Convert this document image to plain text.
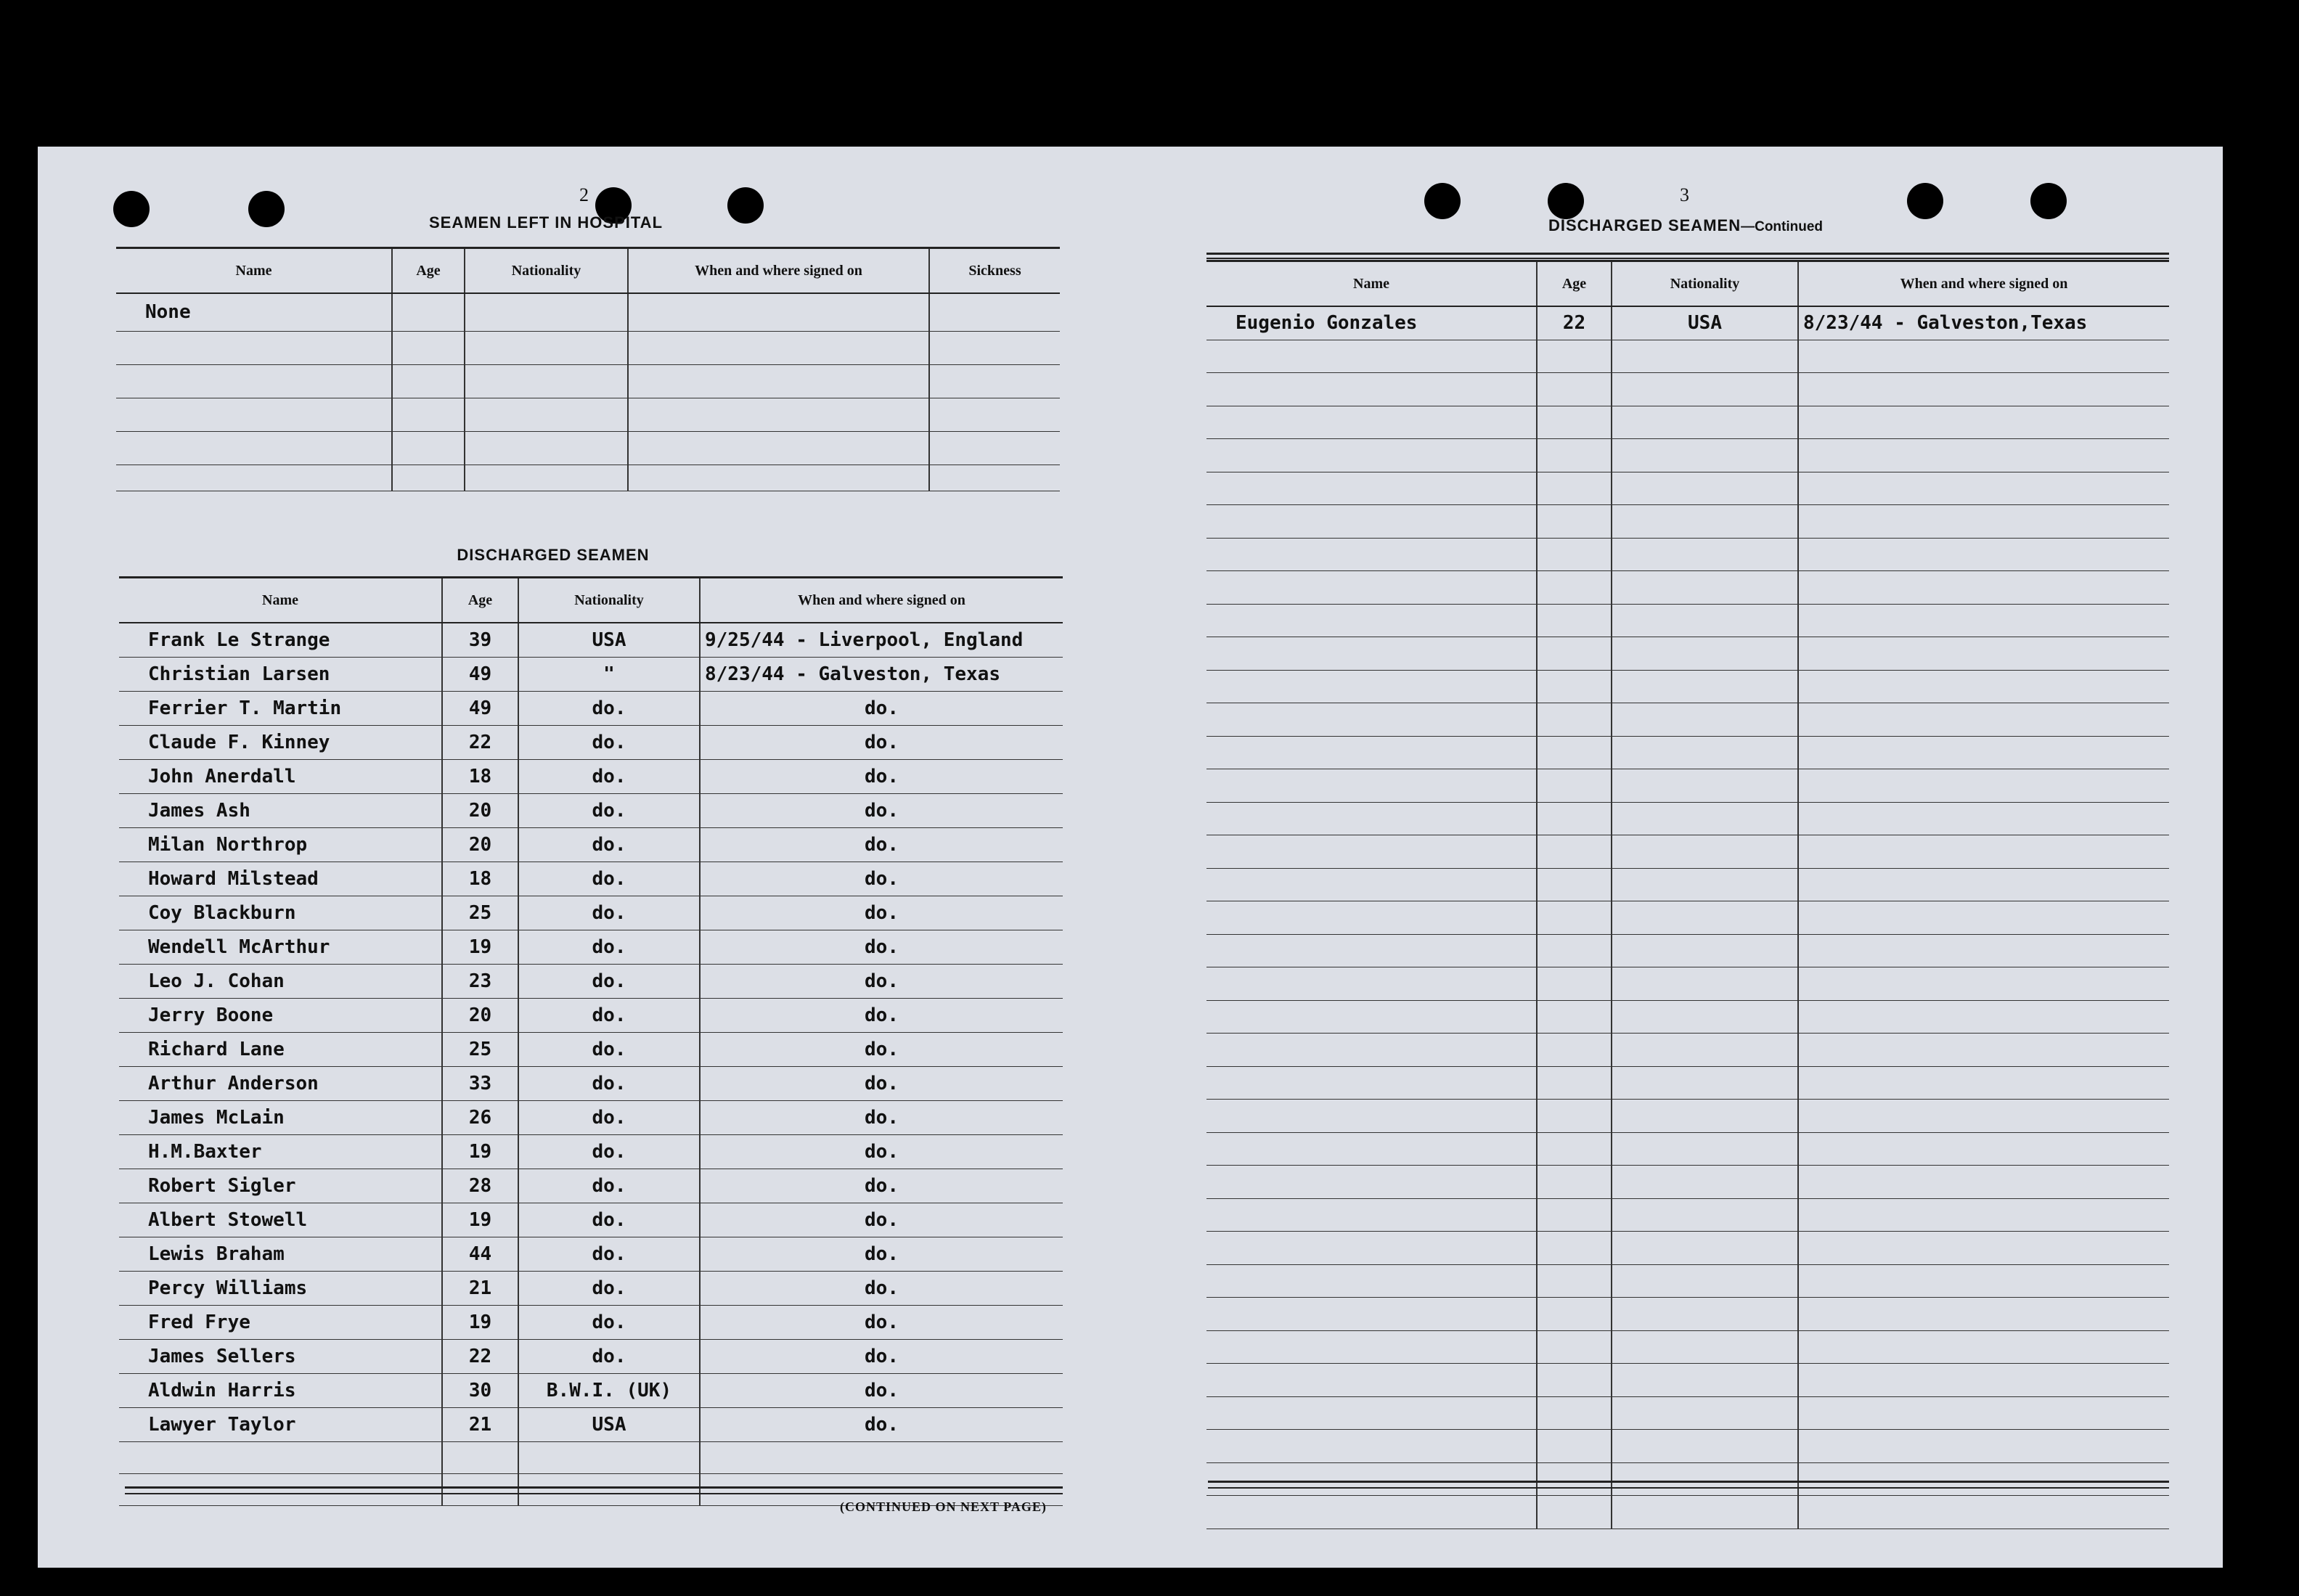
2
SEAMEN LEFT IN HOSPITAL
Name	Age	Nationality	When and where signed on	Sickness
None				

DISCHARGED SEAMEN
Name	Age	Nationality	When and where signed on
Frank Le Strange	39	USA	9/25/44 - Liverpool, England
Christian Larsen	49	"	8/23/44 - Galveston, Texas
Ferrier T. Martin	49	do.	do.
Claude F. Kinney	22	do.	do.
John Anerdall	18	do.	do.
James Ash	20	do.	do.
Milan Northrop	20	do.	do.
Howard Milstead	18	do.	do.
Coy Blackburn	25	do.	do.
Wendell McArthur	19	do.	do.
Leo J. Cohan	23	do.	do.
Jerry Boone	20	do.	do.
Richard Lane	25	do.	do.
Arthur Anderson	33	do.	do.
James McLain	26	do.	do.
H.M.Baxter	19	do.	do.
Robert Sigler	28	do.	do.
Albert Stowell	19	do.	do.
Lewis Braham	44	do.	do.
Percy Williams	21	do.	do.
Fred Frye	19	do.	do.
James Sellers	22	do.	do.
Aldwin Harris	30	B.W.I. (UK)	do.
Lawyer Taylor	21	USA	do.

(CONTINUED ON NEXT PAGE)
3
DISCHARGED SEAMEN—Continued
Name	Age	Nationality	When and where signed on
Eugenio Gonzales	22	USA	8/23/44 - Galveston,Texas
